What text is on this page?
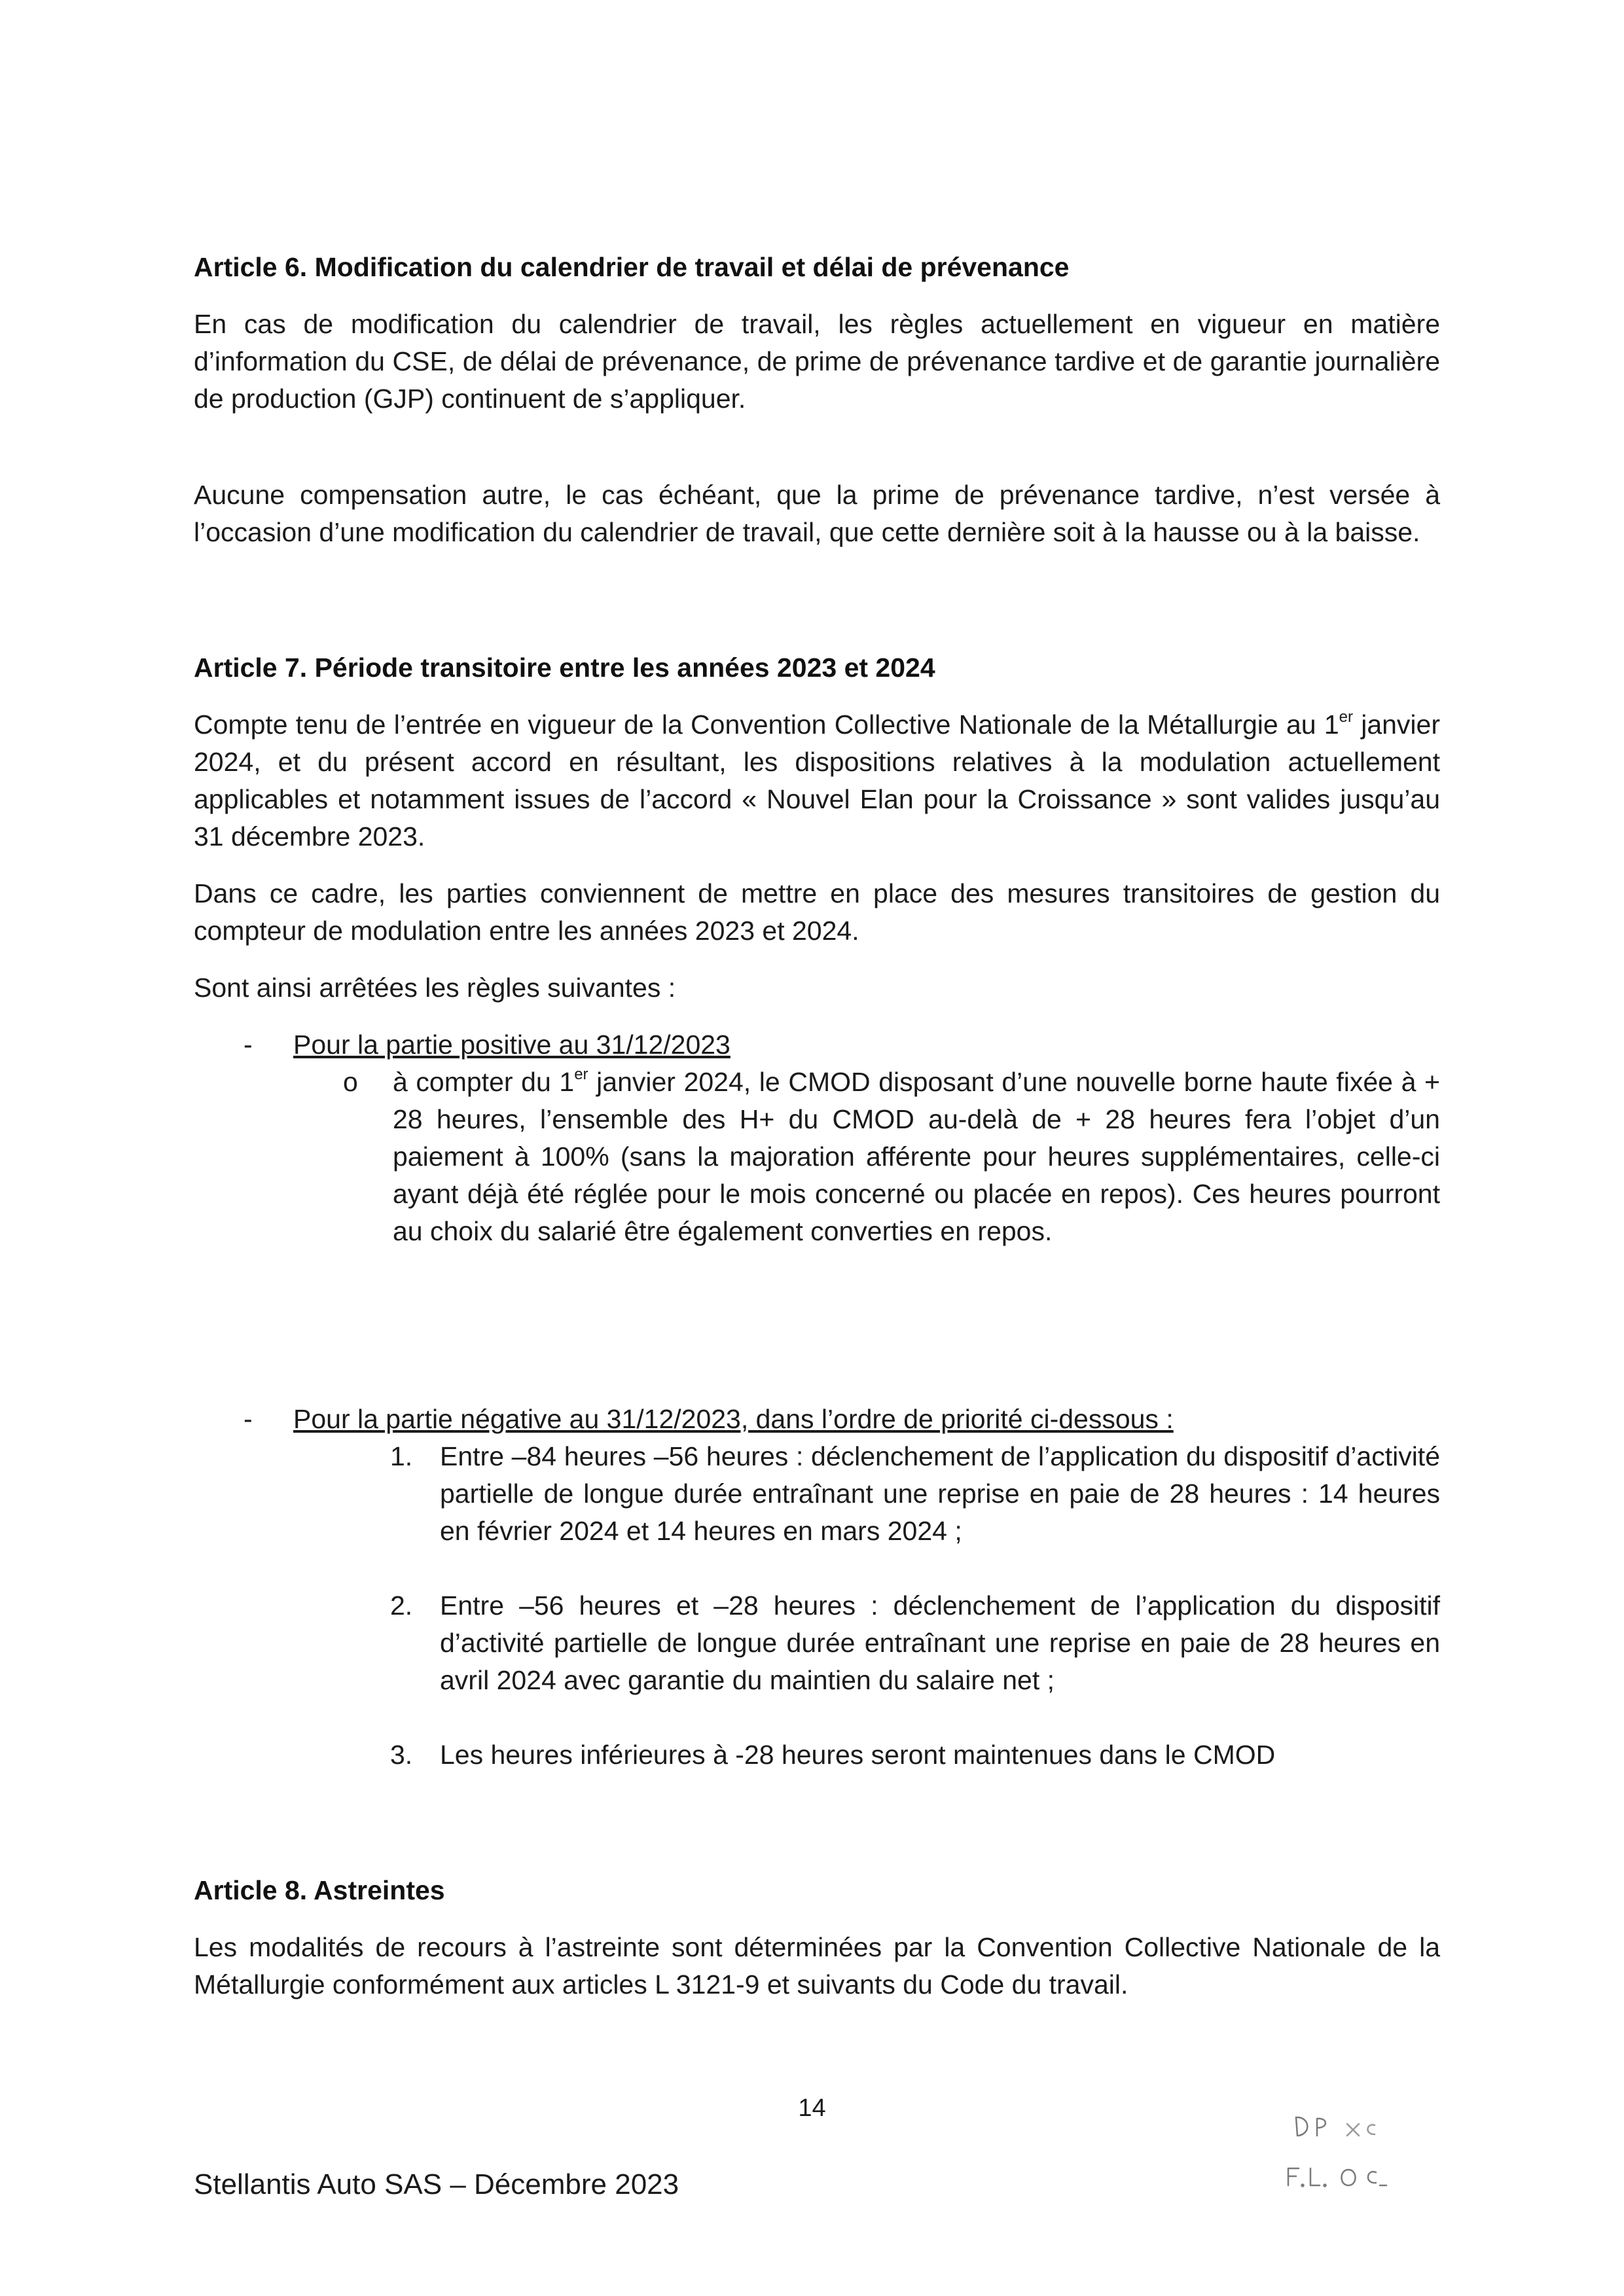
Article 6. Modification du calendrier de travail et délai de prévenance

En cas de modification du calendrier de travail, les règles actuellement en vigueur en matière d’information du CSE, de délai de prévenance, de prime de prévenance tardive et de garantie journalière de production (GJP) continuent de s’appliquer.

Aucune compensation autre, le cas échéant, que la prime de prévenance tardive, n’est versée à l’occasion d’une modification du calendrier de travail, que cette dernière soit à la hausse ou à la baisse.

Article 7. Période transitoire entre les années 2023 et 2024

Compte tenu de l’entrée en vigueur de la Convention Collective Nationale de la Métallurgie au 1er janvier 2024, et du présent accord en résultant, les dispositions relatives à la modulation actuellement applicables et notamment issues de l’accord « Nouvel Elan pour la Croissance » sont valides jusqu’au 31 décembre 2023.

Dans ce cadre, les parties conviennent de mettre en place des mesures transitoires de gestion du compteur de modulation entre les années 2023 et 2024.

Sont ainsi arrêtées les règles suivantes :

- Pour la partie positive au 31/12/2023
o à compter du 1er janvier 2024, le CMOD disposant d’une nouvelle borne haute fixée à + 28 heures, l’ensemble des H+ du CMOD au-delà de + 28 heures fera l’objet d’un paiement à 100% (sans la majoration afférente pour heures supplémentaires, celle-ci ayant déjà été réglée pour le mois concerné ou placée en repos). Ces heures pourront au choix du salarié être également converties en repos.
- Pour la partie négative au 31/12/2023, dans l’ordre de priorité ci-dessous :
1. Entre –84 heures –56 heures : déclenchement de l’application du dispositif d’activité partielle de longue durée entraînant une reprise en paie de 28 heures : 14 heures en février 2024 et 14 heures en mars 2024 ;
2. Entre –56 heures et –28 heures : déclenchement de l’application du dispositif d’activité partielle de longue durée entraînant une reprise en paie de 28 heures en avril 2024 avec garantie du maintien du salaire net ;
3. Les heures inférieures à -28 heures seront maintenues dans le CMOD
Article 8. Astreintes

Les modalités de recours à l’astreinte sont déterminées par la Convention Collective Nationale de la Métallurgie conformément aux articles L 3121-9 et suivants du Code du travail.

14
Stellantis Auto SAS – Décembre 2023
